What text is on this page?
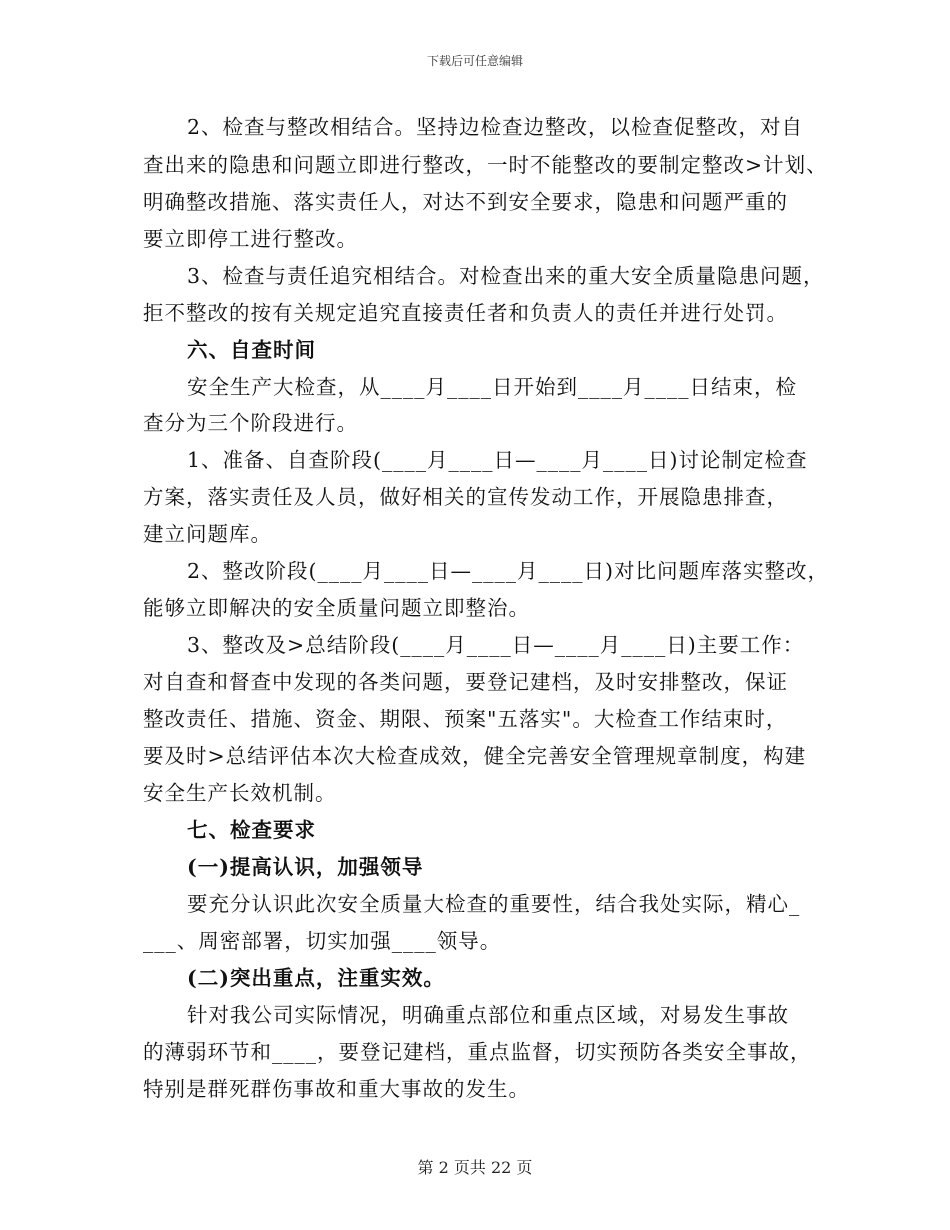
下载后可任意编辑
2、检查与整改相结合。坚持边检查边整改，以检查促整改，对自
查出来的隐患和问题立即进行整改，一时不能整改的要制定整改>计划、
明确整改措施、落实责任人，对达不到安全要求，隐患和问题严重的
要立即停工进行整改。
3、检查与责任追究相结合。对检查出来的重大安全质量隐患问题，
拒不整改的按有关规定追究直接责任者和负责人的责任并进行处罚。
六、自查时间
安全生产大检查，从____月____日开始到____月____日结束，检
查分为三个阶段进行。
1、准备、自查阶段(____月____日—____月____日)讨论制定检查
方案，落实责任及人员，做好相关的宣传发动工作，开展隐患排查，
建立问题库。
2、整改阶段(____月____日—____月____日)对比问题库落实整改，
能够立即解决的安全质量问题立即整治。
3、整改及>总结阶段(____月____日—____月____日)主要工作：
对自查和督查中发现的各类问题，要登记建档，及时安排整改，保证
整改责任、措施、资金、期限、预案"五落实"。大检查工作结束时，
要及时>总结评估本次大检查成效，健全完善安全管理规章制度，构建
安全生产长效机制。
七、检查要求
(一)提高认识，加强领导
要充分认识此次安全质量大检查的重要性，结合我处实际，精心_
___、周密部署，切实加强____领导。
(二)突出重点，注重实效。
针对我公司实际情况，明确重点部位和重点区域，对易发生事故
的薄弱环节和____，要登记建档，重点监督，切实预防各类安全事故，
特别是群死群伤事故和重大事故的发生。
第 2 页共 22 页
